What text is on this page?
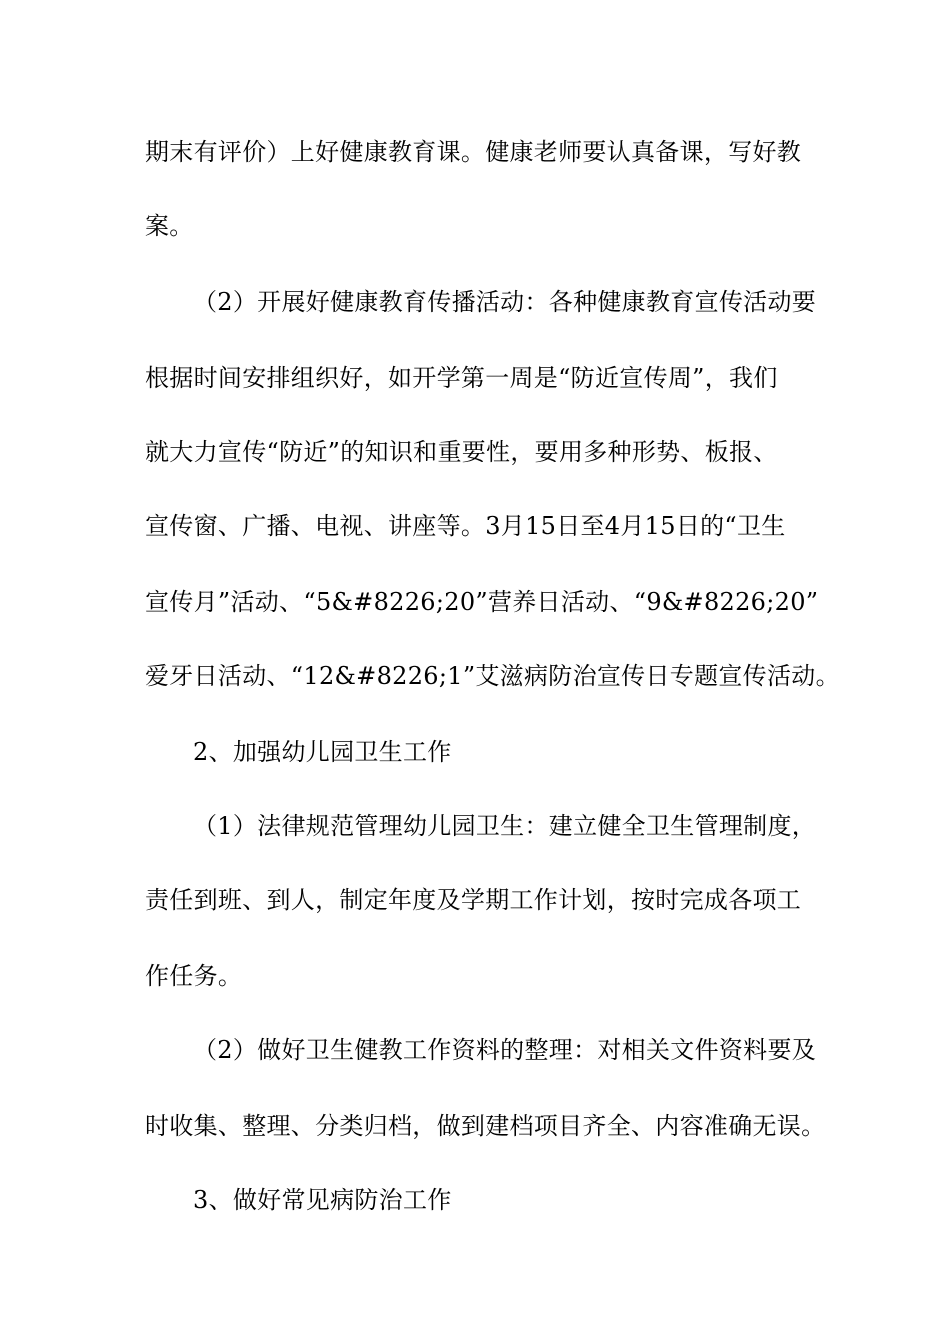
期末有评价）上好健康教育课。健康老师要认真备课，写好教
案。
（2）开展好健康教育传播活动：各种健康教育宣传活动要
根据时间安排组织好，如开学第一周是“防近宣传周”，我们
就大力宣传“防近”的知识和重要性，要用多种形势、板报、
宣传窗、广播、电视、讲座等。3月15日至4月15日的“卫生
宣传月”活动、“5&#8226;20”营养日活动、“9&#8226;20”
爱牙日活动、“12&#8226;1”艾滋病防治宣传日专题宣传活动。
2、加强幼儿园卫生工作
（1）法律规范管理幼儿园卫生：建立健全卫生管理制度，
责任到班、到人，制定年度及学期工作计划，按时完成各项工
作任务。
（2）做好卫生健教工作资料的整理：对相关文件资料要及
时收集、整理、分类归档，做到建档项目齐全、内容准确无误。
3、做好常见病防治工作
